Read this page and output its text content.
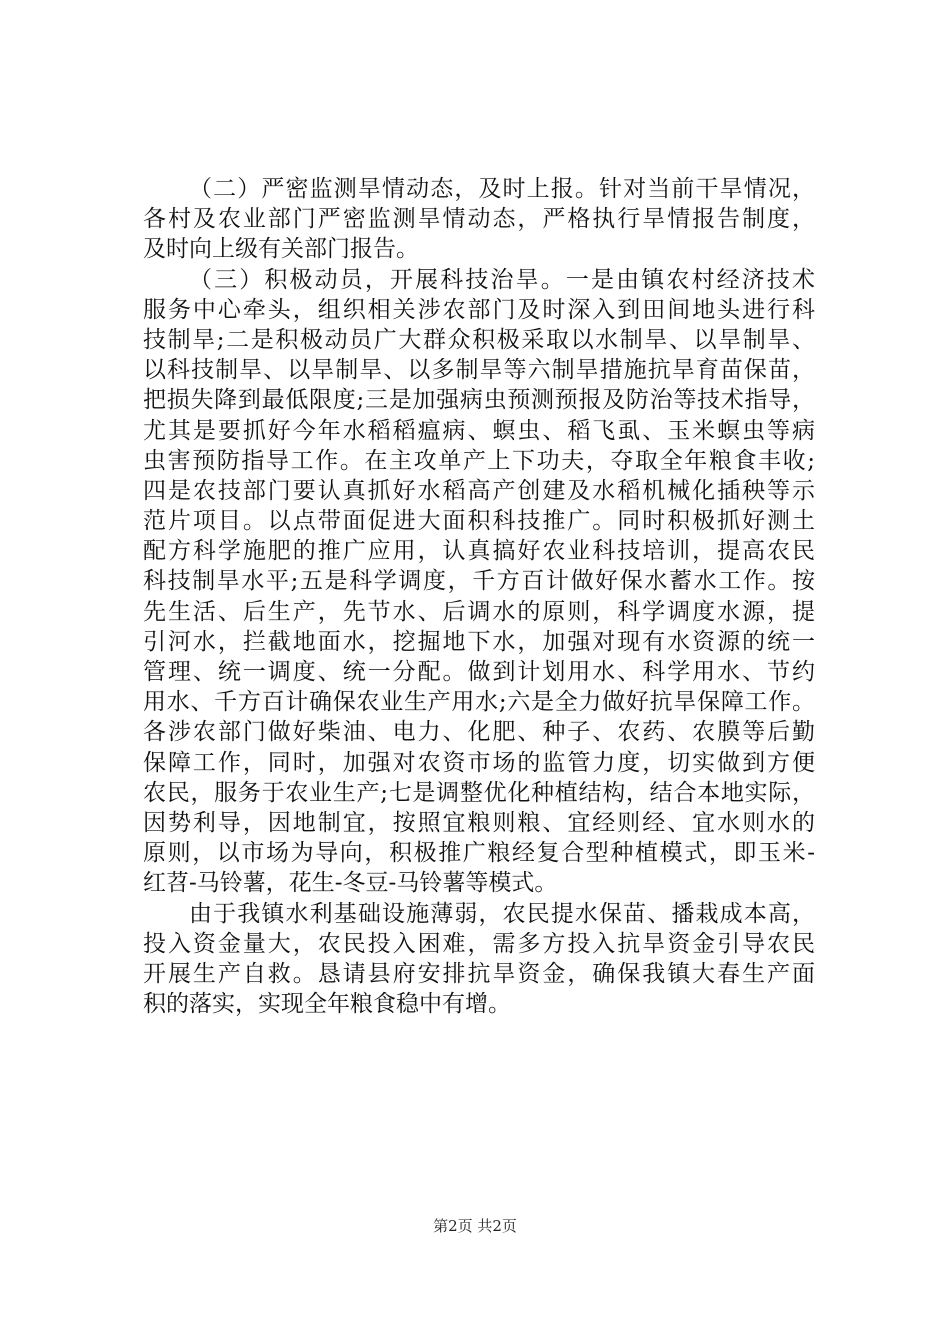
（二）严密监测旱情动态，及时上报。针对当前干旱情况，
各村及农业部门严密监测旱情动态，严格执行旱情报告制度，
及时向上级有关部门报告。
（三）积极动员，开展科技治旱。一是由镇农村经济技术
服务中心牵头，组织相关涉农部门及时深入到田间地头进行科
技制旱;二是积极动员广大群众积极采取以水制旱、以旱制旱、
以科技制旱、以旱制旱、以多制旱等六制旱措施抗旱育苗保苗，
把损失降到最低限度;三是加强病虫预测预报及防治等技术指导，
尤其是要抓好今年水稻稻瘟病、螟虫、稻飞虱、玉米螟虫等病
虫害预防指导工作。在主攻单产上下功夫，夺取全年粮食丰收;
四是农技部门要认真抓好水稻高产创建及水稻机械化插秧等示
范片项目。以点带面促进大面积科技推广。同时积极抓好测土
配方科学施肥的推广应用，认真搞好农业科技培训，提高农民
科技制旱水平;五是科学调度，千方百计做好保水蓄水工作。按
先生活、后生产，先节水、后调水的原则，科学调度水源，提
引河水，拦截地面水，挖掘地下水，加强对现有水资源的统一
管理、统一调度、统一分配。做到计划用水、科学用水、节约
用水、千方百计确保农业生产用水;六是全力做好抗旱保障工作。
各涉农部门做好柴油、电力、化肥、种子、农药、农膜等后勤
保障工作，同时，加强对农资市场的监管力度，切实做到方便
农民，服务于农业生产;七是调整优化种植结构，结合本地实际，
因势利导，因地制宜，按照宜粮则粮、宜经则经、宜水则水的
原则，以市场为导向，积极推广粮经复合型种植模式，即玉米-
红苕-马铃薯，花生-冬豆-马铃薯等模式。
由于我镇水利基础设施薄弱，农民提水保苗、播栽成本高，
投入资金量大，农民投入困难，需多方投入抗旱资金引导农民
开展生产自救。恳请县府安排抗旱资金，确保我镇大春生产面
积的落实，实现全年粮食稳中有增。
第2页 共2页
